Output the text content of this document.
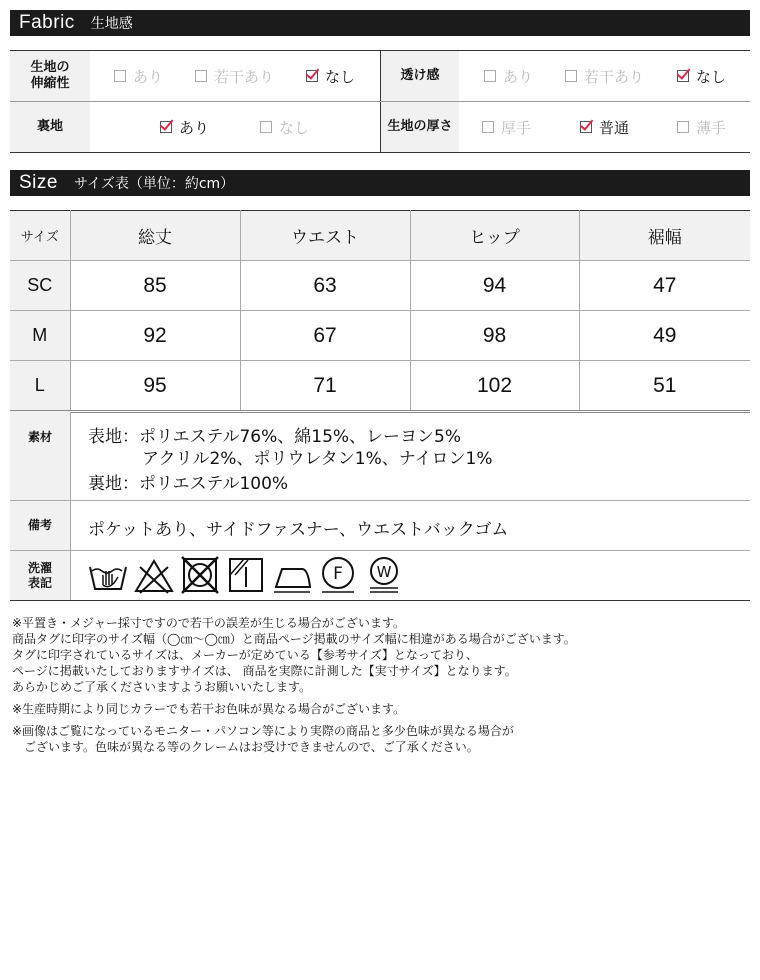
Fabric 生地感
生地の
伸縮性	あり	若干あり	なし	透け感	あり	若干あり	なし
裏地	あり	なし	生地の厚さ	厚手	普通	薄手
Size サイズ表（単位：約cm）
サイズ	総丈	ウエスト	ヒップ	裾幅
SC	85	63	94	47
M	92	67	98	49
L	95	71	102	51
素材	表地：ポリエステル76%、綿15%、レーヨン5%
アクリル2%、ポリウレタン1%、ナイロン1%
裏地：ポリエステル100%
備考	ポケットあり、サイドファスナー、ウエストバックゴム
洗濯
表記	F W
※平置き・メジャー採寸ですので若干の誤差が生じる場合がございます。
商品タグに印字のサイズ幅（◯㎝～◯㎝）と商品ページ掲載のサイズ幅に相違がある場合がございます。
タグに印字されているサイズは、メーカーが定めている【参考サイズ】となっており、
ページに掲載いたしておりますサイズは、 商品を実際に計測した【実寸サイズ】となります。
あらかじめご了承くださいますようお願いいたします。
※生産時期により同じカラーでも若干お色味が異なる場合がございます。
※画像はご覧になっているモニター・パソコン等により実際の商品と多少色味が異なる場合が
　ございます。色味が異なる等のクレームはお受けできませんので、ご了承ください。
